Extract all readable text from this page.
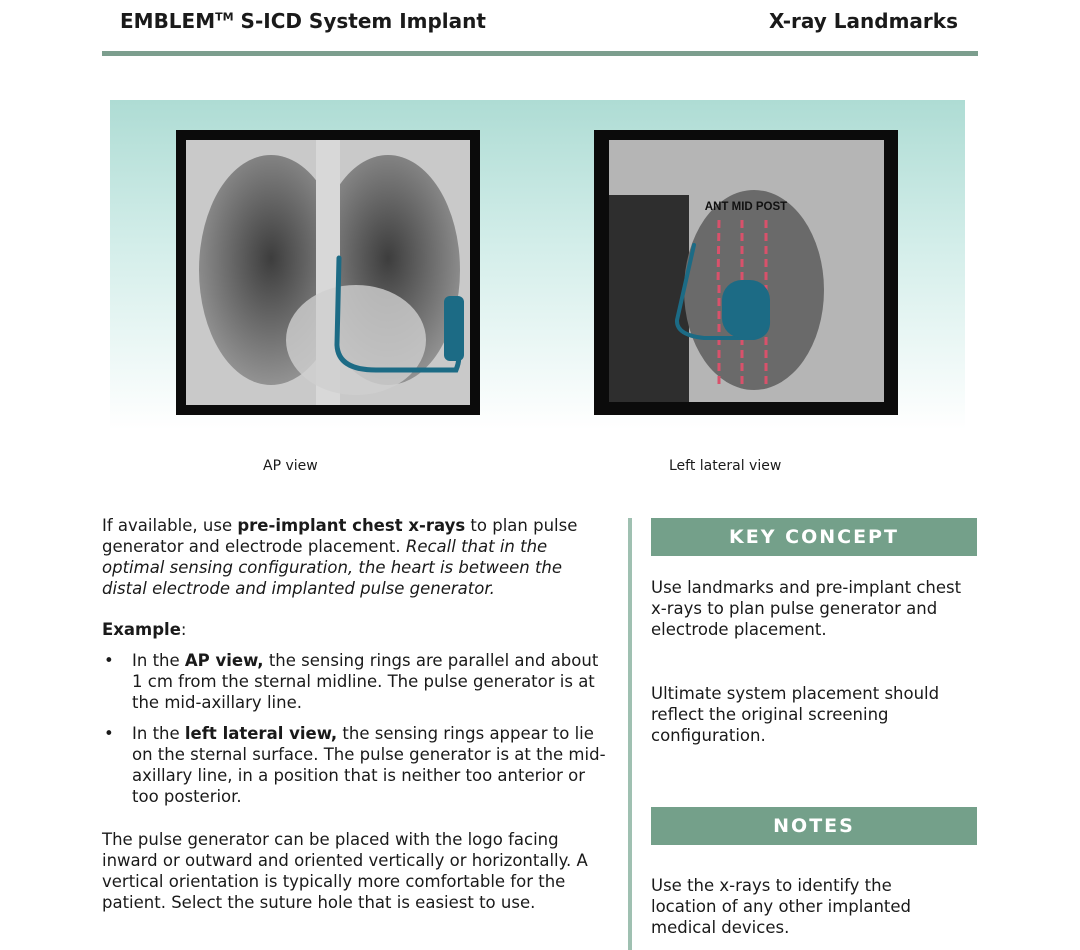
EMBLEM™ S-ICD System Implant	X-ray Landmarks
ANT MID POST
AP view	Left lateral view

If available, use pre-implant chest x-rays to plan pulse generator and electrode placement. Recall that in the optimal sensing configuration, the heart is between the distal electrode and implanted pulse generator.

Example:

• In the AP view, the sensing rings are parallel and about 1 cm from the sternal midline. The pulse generator is at the mid-axillary line.
• In the left lateral view, the sensing rings appear to lie on the sternal surface. The pulse generator is at the mid-axillary line, in a position that is neither too anterior or too posterior.

The pulse generator can be placed with the logo facing inward or outward and oriented vertically or horizontally. A vertical orientation is typically more comfortable for the patient. Select the suture hole that is easiest to use.

KEY CONCEPT
Use landmarks and pre-implant chest x-rays to plan pulse generator and electrode placement.
Ultimate system placement should reflect the original screening configuration.
NOTES
Use the x-rays to identify the location of any other implanted medical devices.
